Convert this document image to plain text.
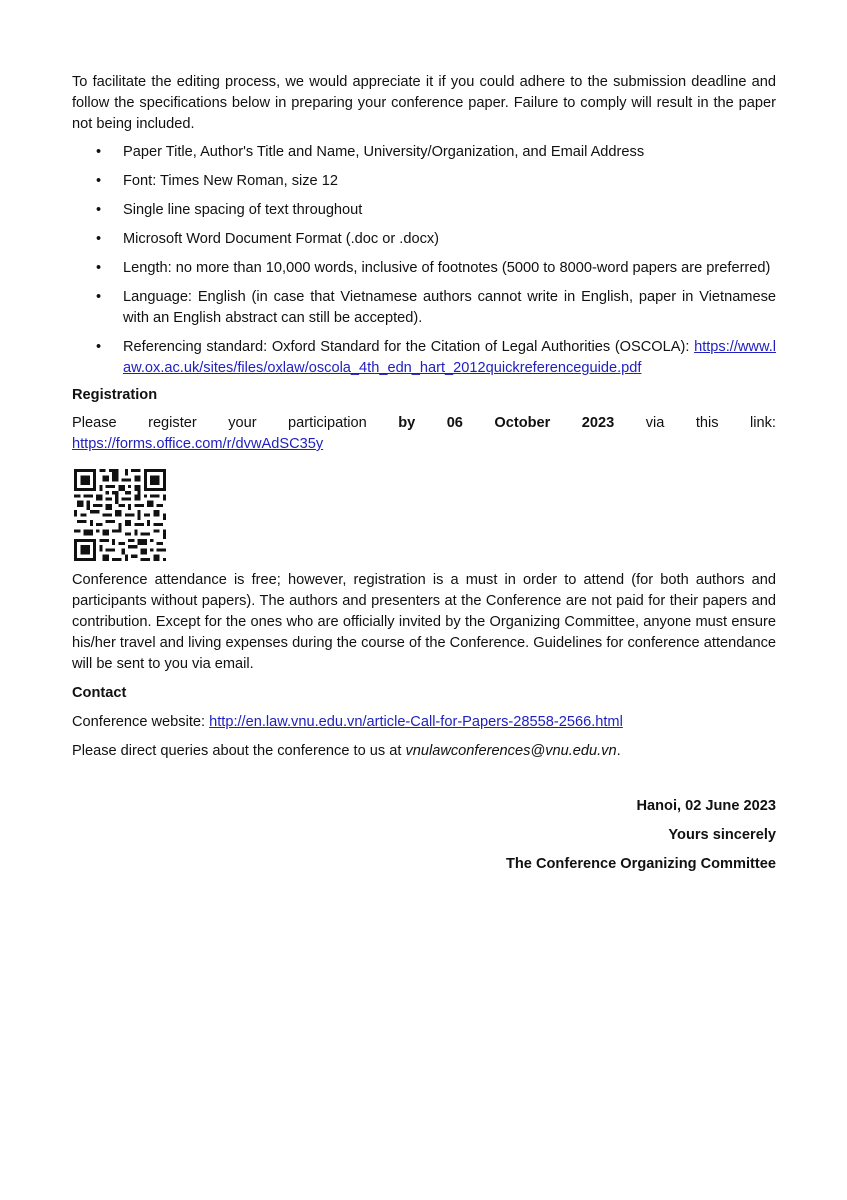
To facilitate the editing process, we would appreciate it if you could adhere to the submission deadline and follow the specifications below in preparing your conference paper. Failure to comply will result in the paper not being included.

• Paper Title, Author's Title and Name, University/Organization, and Email Address
• Font: Times New Roman, size 12
• Single line spacing of text throughout
• Microsoft Word Document Format (.doc or .docx)
• Length: no more than 10,000 words, inclusive of footnotes (5000 to 8000-word papers are preferred)
• Language: English (in case that Vietnamese authors cannot write in English, paper in Vietnamese with an English abstract can still be accepted).
• Referencing standard: Oxford Standard for the Citation of Legal Authorities (OSCOLA): https://www.law.ox.ac.uk/sites/files/oxlaw/oscola_4th_edn_hart_2012quickreferenceguide.pdf
Registration
Please register your participation by 06 October 2023 via this link:

https://forms.office.com/r/dvwAdSC35y

Conference attendance is free; however, registration is a must in order to attend (for both authors and participants without papers). The authors and presenters at the Conference are not paid for their papers and contribution. Except for the ones who are officially invited by the Organizing Committee, anyone must ensure his/her travel and living expenses during the course of the Conference. Guidelines for conference attendance will be sent to you via email.

Contact

Conference website: http://en.law.vnu.edu.vn/article-Call-for-Papers-28558-2566.html

Please direct queries about the conference to us at vnulawconferences@vnu.edu.vn.

Hanoi, 02 June 2023

Yours sincerely

The Conference Organizing Committee
